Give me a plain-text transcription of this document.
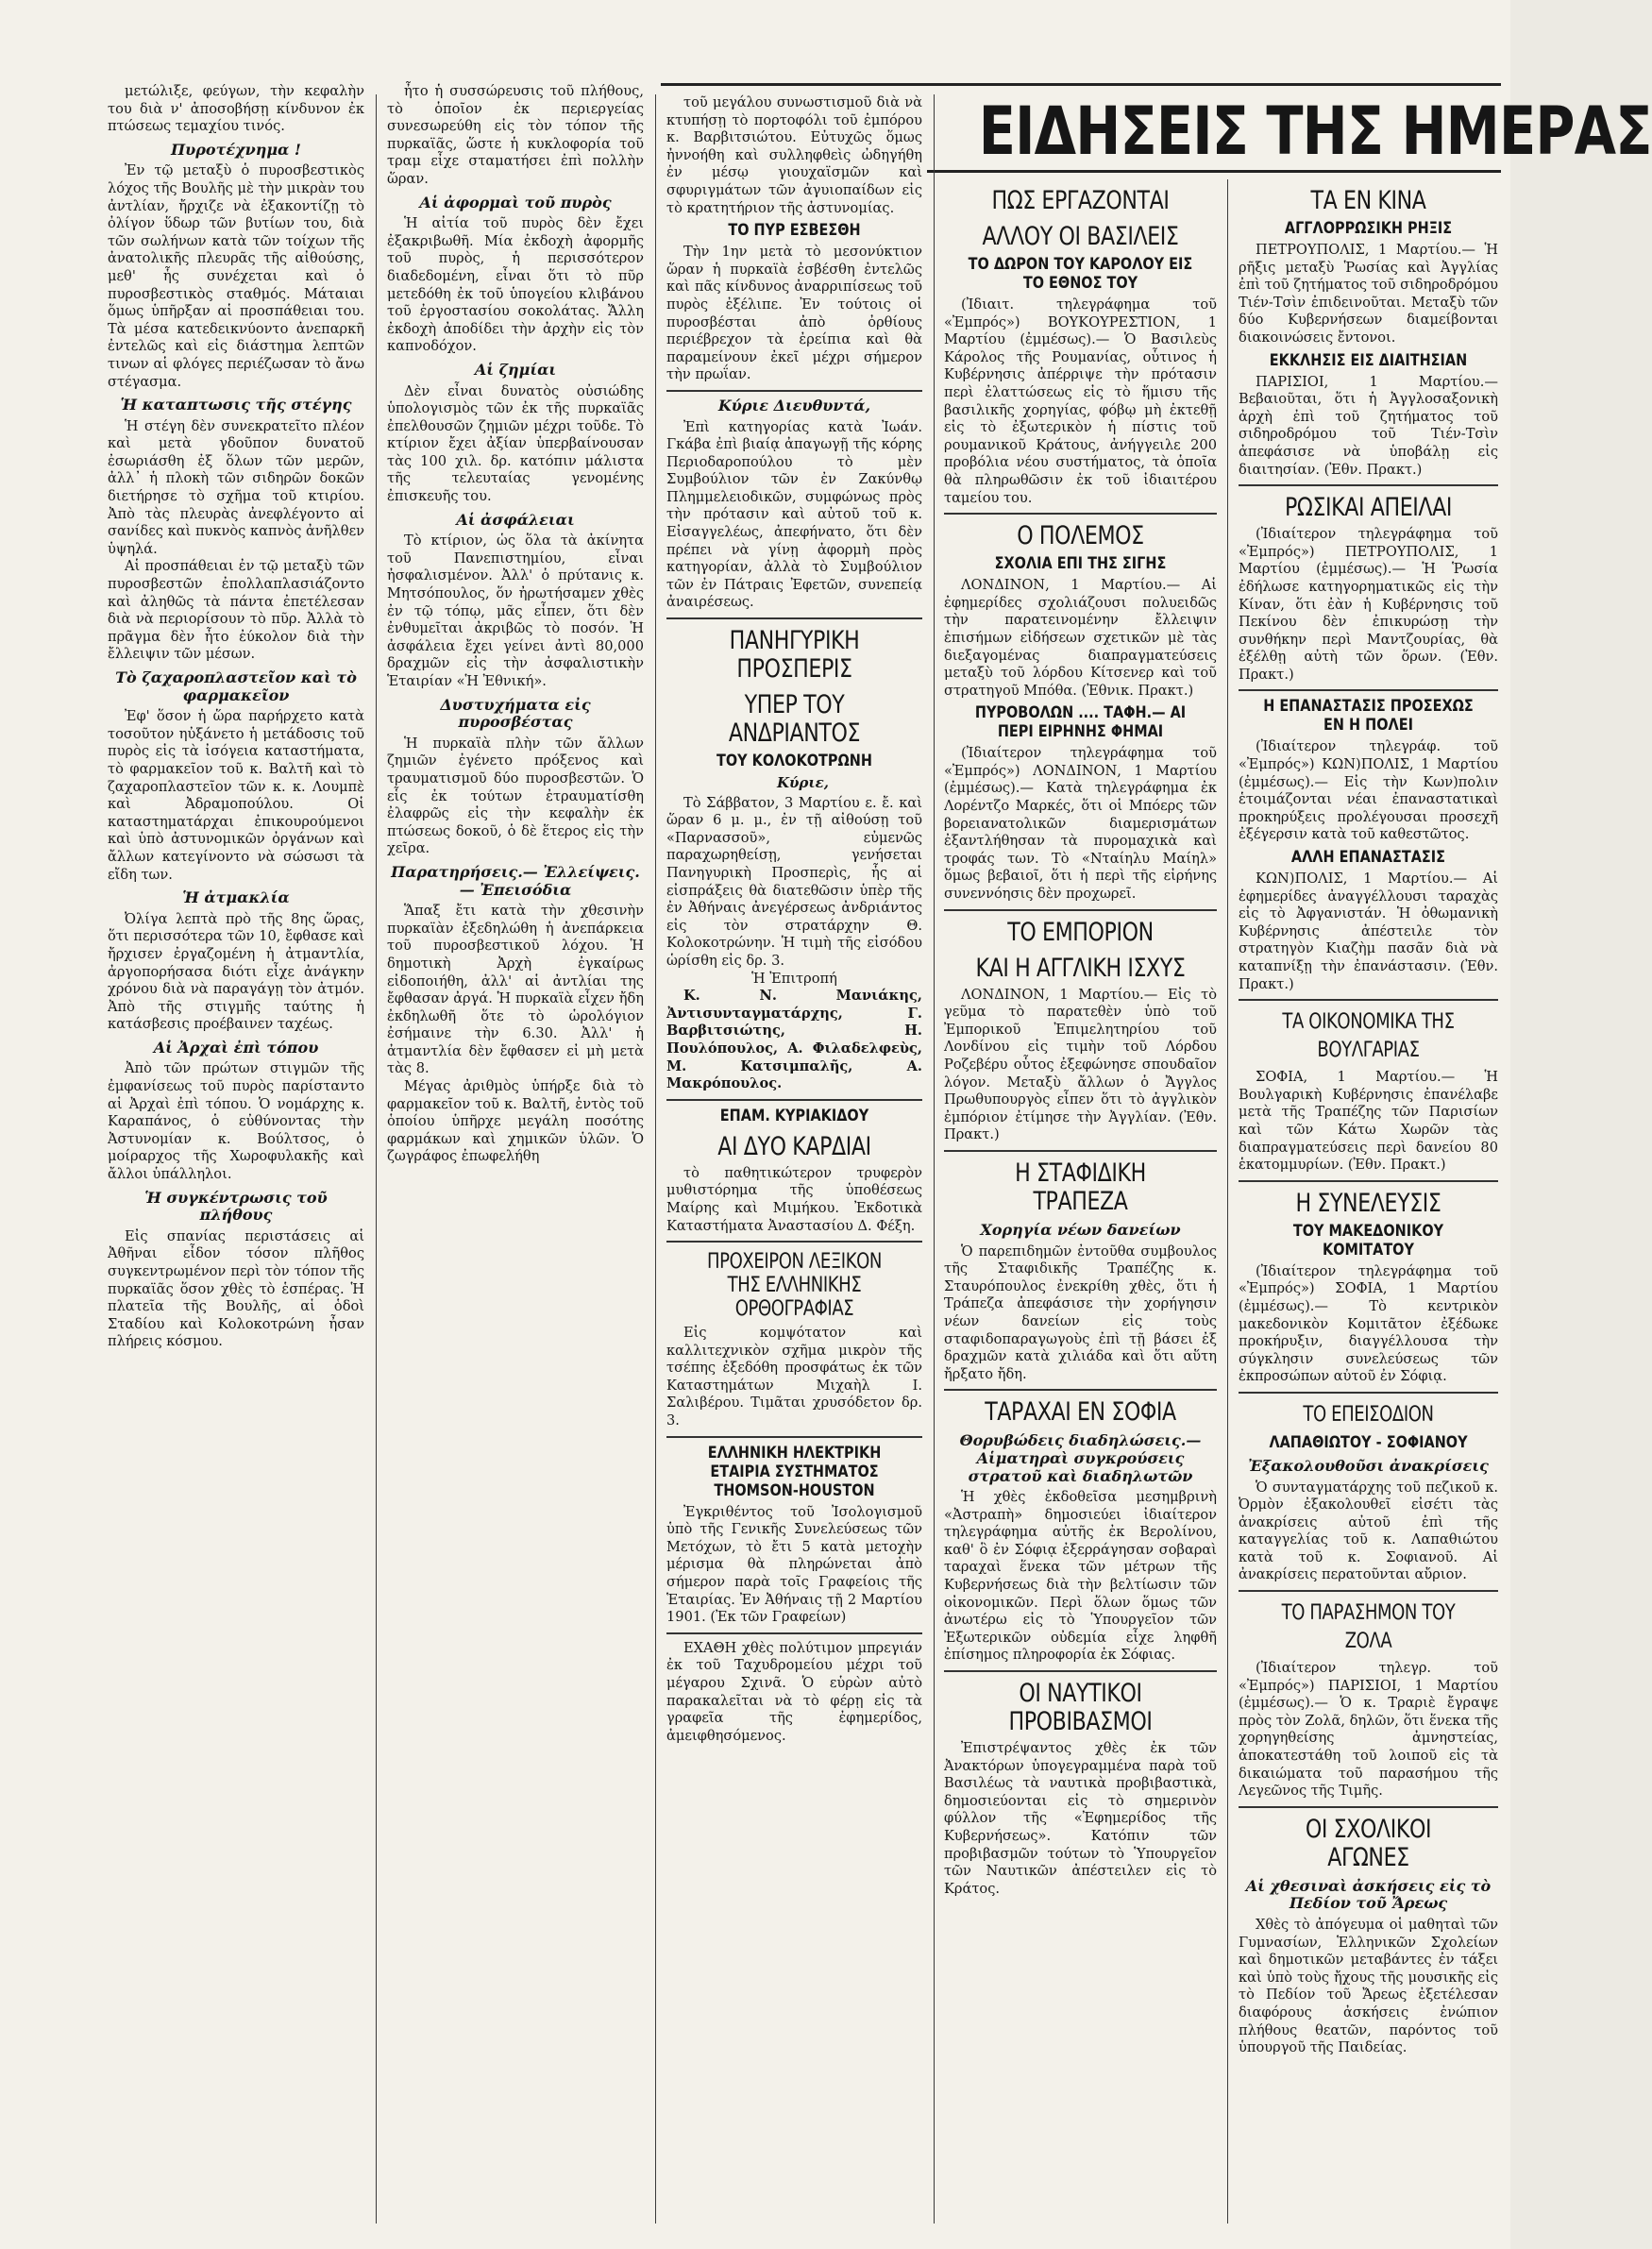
ΕΙΔΗΣΕΙΣ ΤΗΣ ΗΜΕΡΑΣ

μετώλιξε, φεύγων, τὴν κεφαλὴν του διὰ ν' ἀποσοβήσῃ κίνδυνον ἐκ πτώσεως τεμαχίου τινός.

Πυροτέχνημα !

Ἐν τῷ μεταξὺ ὁ πυροσβεστικὸς λόχος τῆς Βουλῆς μὲ τὴν μικρὰν του ἀντλίαν, ἤρχιζε νὰ ἐξακοντίζῃ τὸ ὀλίγον ὕδωρ τῶν βυτίων του, διὰ τῶν σωλήνων κατὰ τῶν τοίχων τῆς ἀνατολικῆς πλευρᾶς τῆς αἰθούσης, μεθ' ἧς συνέχεται καὶ ὁ πυροσβεστικὸς σταθμός. Μάταιαι ὅμως ὑπῆρξαν αἱ προσπάθειαι του. Τὰ μέσα κατεδεικνύοντο ἀνεπαρκῆ ἐντελῶς καὶ εἰς διάστημα λεπτῶν τινων αἱ φλόγες περιέζωσαν τὸ ἄνω στέγασμα.

Ἡ καταπτωσις τῆς στέγης

Ἡ στέγη δὲν συνεκρατεῖτο πλέον καὶ μετὰ γδοῦπον δυνατοῦ ἐσωριάσθη ἐξ ὅλων τῶν μερῶν, ἀλλ᾽ ἡ πλοκὴ τῶν σιδηρῶν δοκῶν διετήρησε τὸ σχῆμα τοῦ κτιρίου. Ἀπὸ τὰς πλευρὰς ἀνεφλέγοντο αἱ σανίδες καὶ πυκνὸς καπνὸς ἀνῆλθεν ὑψηλά.

Αἱ προσπάθειαι ἐν τῷ μεταξὺ τῶν πυροσβεστῶν ἐπολλαπλασιάζοντο καὶ ἀληθῶς τὰ πάντα ἐπετέλεσαν διὰ νὰ περιορίσουν τὸ πῦρ. Ἀλλὰ τὸ πρᾶγμα δὲν ἦτο ἐύκολον διὰ τὴν ἔλλειψιν τῶν μέσων.

Τὸ ζαχαροπλαστεῖον καὶ τὸ φαρμακεῖον

Ἐφ' ὅσον ἡ ὥρα παρήρχετο κατὰ τοσοῦτον ηὐξάνετο ἡ μετάδοσις τοῦ πυρὸς εἰς τὰ ἰσόγεια καταστήματα, τὸ φαρμακεῖον τοῦ κ. Βαλτῆ καὶ τὸ ζαχαροπλαστεῖον τῶν κ. κ. Λουμπὲ καὶ Ἀδραμοπούλου. Οἱ καταστηματάρχαι ἐπικουρούμενοι καὶ ὑπὸ ἀστυνομικῶν ὀργάνων καὶ ἄλλων κατεγίνοντο νὰ σώσωσι τὰ εἴδη των.

Ἡ ἀτμακλία

Ὀλίγα λεπτὰ πρὸ τῆς 8ης ὥρας, ὅτι περισσότερα τῶν 10, ἔφθασε καὶ ἤρχισεν ἐργαζομένη ἡ ἀτμαντλία, ἀργοπορήσασα διότι εἶχε ἀνάγκην χρόνου διὰ νὰ παραγάγῃ τὸν ἀτμόν. Ἀπὸ τῆς στιγμῆς ταύτης ἡ κατάσβεσις προέβαινεν ταχέως.

Αἱ Ἀρχαὶ ἐπὶ τόπου

Ἀπὸ τῶν πρώτων στιγμῶν τῆς ἐμφανίσεως τοῦ πυρὸς παρίσταντο αἱ Ἀρχαὶ ἐπὶ τόπου. Ὁ νομάρχης κ. Καραπάνος, ὁ εὐθύνοντας τὴν Ἀστυνομίαν κ. Βούλτσος, ὁ μοίραρχος τῆς Χωροφυλακῆς καὶ ἄλλοι ὑπάλληλοι.

Ἡ συγκέντρωσις τοῦ πλήθους

Εἰς σπανίας περιστάσεις αἱ Ἀθῆναι εἶδον τόσον πλῆθος συγκεντρωμένον περὶ τὸν τόπον τῆς πυρκαϊᾶς ὅσον χθὲς τὸ ἑσπέρας. Ἡ πλατεῖα τῆς Βουλῆς, αἱ ὁδοὶ Σταδίου καὶ Κολοκοτρώνη ἦσαν πλήρεις κόσμου.

ἦτο ἡ συσσώρευσις τοῦ πλήθους, τὸ ὁποῖον ἐκ περιεργείας συνεσωρεύθη εἰς τὸν τόπον τῆς πυρκαϊᾶς, ὥστε ἡ κυκλοφορία τοῦ τραμ εἶχε σταματήσει ἐπὶ πολλὴν ὥραν.

Αἱ ἀφορμαὶ τοῦ πυρὸς

Ἡ αἰτία τοῦ πυρὸς δὲν ἔχει ἐξακριβωθῆ. Μία ἐκδοχὴ ἀφορμῆς τοῦ πυρὸς, ἡ περισσότερον διαδεδομένη, εἶναι ὅτι τὸ πῦρ μετεδόθη ἐκ τοῦ ὑπογείου κλιβάνου τοῦ ἐργοστασίου σοκολάτας. Ἄλλη ἐκδοχὴ ἀποδίδει τὴν ἀρχὴν εἰς τὸν καπνοδόχον.

Αἱ ζημίαι

Δὲν εἶναι δυνατὸς οὐσιώδης ὑπολογισμὸς τῶν ἐκ τῆς πυρκαϊᾶς ἐπελθουσῶν ζημιῶν μέχρι τοῦδε. Τὸ κτίριον ἔχει ἀξίαν ὑπερβαίνουσαν τὰς 100 χιλ. δρ. κατόπιν μάλιστα τῆς τελευταίας γενομένης ἐπισκευῆς του.

Αἱ ἀσφάλειαι

Τὸ κτίριον, ὡς ὅλα τὰ ἀκίνητα τοῦ Πανεπιστημίου, εἶναι ἠσφαλισμένον. Ἀλλ' ὁ πρύτανις κ. Μητσόπουλος, ὅν ἠρωτήσαμεν χθὲς ἐν τῷ τόπῳ, μᾶς εἶπεν, ὅτι δὲν ἐνθυμεῖται ἀκριβῶς τὸ ποσόν. Ἡ ἀσφάλεια ἔχει γείνει ἀντὶ 80,000 δραχμῶν εἰς τὴν ἀσφαλιστικὴν Ἑταιρίαν «Ἡ Ἐθνική».

Δυστυχήματα εἰς πυροσβέστας

Ἡ πυρκαϊὰ πλὴν τῶν ἄλλων ζημιῶν ἐγένετο πρόξενος καὶ τραυματισμοῦ δύο πυροσβεστῶν. Ὁ εἷς ἐκ τούτων ἐτραυματίσθη ἐλαφρῶς εἰς τὴν κεφαλὴν ἐκ πτώσεως δοκοῦ, ὁ δὲ ἕτερος εἰς τὴν χεῖρα.

Παρατηρήσεις.— Ἐλλείψεις.— Ἐπεισόδια

Ἅπαξ ἔτι κατὰ τὴν χθεσινὴν πυρκαϊὰν ἐξεδηλώθη ἡ ἀνεπάρκεια τοῦ πυροσβεστικοῦ λόχου. Ἡ δημοτικὴ Ἀρχὴ ἐγκαίρως εἰδοποιήθη, ἀλλ' αἱ ἀντλίαι της ἔφθασαν ἀργά. Ἡ πυρκαϊὰ εἶχεν ἤδη ἐκδηλωθῆ ὅτε τὸ ὡρολόγιον ἐσήμαινε τὴν 6.30. Ἀλλ' ἡ ἀτμαντλία δὲν ἔφθασεν εἰ μὴ μετὰ τὰς 8.

Μέγας ἀριθμὸς ὑπήρξε διὰ τὸ φαρμακεῖον τοῦ κ. Βαλτῆ, ἐντὸς τοῦ ὁποίου ὑπῆρχε μεγάλη ποσότης φαρμάκων καὶ χημικῶν ὑλῶν. Ὁ ζωγράφος ἐπωφελήθη

τοῦ μεγάλου συνωστισμοῦ διὰ νὰ κτυπήσῃ τὸ πορτοφόλι τοῦ ἐμπόρου κ. Βαρβιτσιώτου. Εὐτυχῶς ὅμως ἠννοήθη καὶ συλληφθεὶς ὠδηγήθη ἐν μέσῳ γιουχαϊσμῶν καὶ σφυριγμάτων τῶν ἀγυιοπαίδων εἰς τὸ κρατητήριον τῆς ἀστυνομίας.

ΤΟ ΠΥΡ ΕΣΒΕΣΘΗ

Τὴν 1ην μετὰ τὸ μεσονύκτιον ὥραν ἡ πυρκαϊὰ ἐσβέσθη ἐντελῶς καὶ πᾶς κίνδυνος ἀναρριπίσεως τοῦ πυρὸς ἐξέλιπε. Ἐν τούτοις οἱ πυροσβέσται ἀπὸ ὀρθίους περιέβρεχον τὰ ἐρείπια καὶ θὰ παραμείνουν ἐκεῖ μέχρι σήμερον τὴν πρωΐαν.

Κύριε Διευθυντά,

Ἐπὶ κατηγορίας κατὰ Ἰωάν. Γκάβα ἐπὶ βιαίᾳ ἀπαγωγῇ τῆς κόρης Περιοδαροπούλου τὸ μὲν Συμβούλιον τῶν ἐν Ζακύνθῳ Πλημμελειοδικῶν, συμφώνως πρὸς τὴν πρότασιν καὶ αὐτοῦ τοῦ κ. Εἰσαγγελέως, ἀπεφήνατο, ὅτι δὲν πρέπει νὰ γίνῃ ἀφορμὴ πρὸς κατηγορίαν, ἀλλὰ τὸ Συμβούλιον τῶν ἐν Πάτραις Ἐφετῶν, συνεπείᾳ ἀναιρέσεως.

ΠΑΝΗΓΥΡΙΚΗ ΠΡΟΣΠΕΡΙΣ
ΥΠΕΡ ΤΟΥ ΑΝΔΡΙΑΝΤΟΣ
ΤΟΥ ΚΟΛΟΚΟΤΡΩΝΗ

Κύριε,

Τὸ Σάββατον, 3 Μαρτίου ε. ἔ. καὶ ὥραν 6 μ. μ., ἐν τῇ αἰθούσῃ τοῦ «Παρνασσοῦ», εὐμενῶς παραχωρηθείσῃ, γενήσεται Πανηγυρικὴ Προσπερὶς, ἧς αἱ εἰσπράξεις θὰ διατεθῶσιν ὑπὲρ τῆς ἐν Ἀθήναις ἀνεγέρσεως ἀνδριάντος εἰς τὸν στρατάρχην Θ. Κολοκοτρώνην. Ἡ τιμὴ τῆς εἰσόδου ὡρίσθη εἰς δρ. 3.

Ἡ Ἐπιτροπή

Κ. Ν. Μανιάκης, Ἀντισυνταγματάρχης, Γ. Βαρβιτσιώτης, Η. Πουλόπουλος, Α. Φιλαδελφεὺς, Μ. Κατσιμπαλῆς, Α. Μακρόπουλος.

ΕΠΑΜ. ΚΥΡΙΑΚΙΔΟΥ
ΑΙ ΔΥΟ ΚΑΡΔΙΑΙ

τὸ παθητικώτερον τρυφερὸν μυθιστόρημα τῆς ὑποθέσεως Μαίρης καὶ Μιμήκου. Ἐκδοτικὰ Καταστήματα Ἀναστασίου Δ. Φέξη.

ΠΡΟΧΕΙΡΟΝ ΛΕΞΙΚΟΝ ΤΗΣ ΕΛΛΗΝΙΚΗΣ ΟΡΘΟΓΡΑΦΙΑΣ

Εἰς κομψότατον καὶ καλλιτεχνικὸν σχῆμα μικρὸν τῆς τσέπης ἐξεδόθη προσφάτως ἐκ τῶν Καταστημάτων Μιχαὴλ Ι. Σαλιβέρου. Τιμᾶται χρυσόδετον δρ. 3.

ΕΛΛΗΝΙΚΗ ΗΛΕΚΤΡΙΚΗ ΕΤΑΙΡΙΑ ΣΥΣΤΗΜΑΤΟΣ THOMSON-HOUSTON

Ἐγκριθέντος τοῦ Ἰσολογισμοῦ ὑπὸ τῆς Γενικῆς Συνελεύσεως τῶν Μετόχων, τὸ ἔτι 5 κατὰ μετοχὴν μέρισμα θὰ πληρώνεται ἀπὸ σήμερον παρὰ τοῖς Γραφείοις τῆς Ἑταιρίας. Ἐν Ἀθήναις τῇ 2 Μαρτίου 1901. (Ἐκ τῶν Γραφείων)

ΕΧΑΘΗ χθὲς πολύτιμον μπρεγιάν ἐκ τοῦ Ταχυδρομείου μέχρι τοῦ μέγαρου Σχινᾶ. Ὁ εὑρὼν αὐτὸ παρακαλεῖται νὰ τὸ φέρῃ εἰς τὰ γραφεῖα τῆς ἐφημερίδος, ἀμειφθησόμενος.

ΠΩΣ ΕΡΓΑΖΟΝΤΑΙ
ΑΛΛΟΥ ΟΙ ΒΑΣΙΛΕΙΣ
ΤΟ ΔΩΡΟΝ ΤΟΥ ΚΑΡΟΛΟΥ ΕΙΣ ΤΟ ΕΘΝΟΣ ΤΟΥ

(Ἰδιαιτ. τηλεγράφημα τοῦ «Ἐμπρός») ΒΟΥΚΟΥΡΕΣΤΙΟΝ, 1 Μαρτίου (ἐμμέσως).— Ὁ Βασιλεὺς Κάρολος τῆς Ρουμανίας, οὗτινος ἡ Κυβέρνησις ἀπέρριψε τὴν πρότασιν περὶ ἐλαττώσεως εἰς τὸ ἥμισυ τῆς βασιλικῆς χορηγίας, φόβῳ μὴ ἐκτεθῇ εἰς τὸ ἐξωτερικὸν ἡ πίστις τοῦ ρουμανικοῦ Κράτους, ἀνήγγειλε 200 προβόλια νέου συστήματος, τὰ ὁποῖα θὰ πληρωθῶσιν ἐκ τοῦ ἰδιαιτέρου ταμείου του.

Ο ΠΟΛΕΜΟΣ
ΣΧΟΛΙΑ ΕΠΙ ΤΗΣ ΣΙΓΗΣ

ΛΟΝΔΙΝΟΝ, 1 Μαρτίου.— Αἱ ἐφημερίδες σχολιάζουσι πολυειδῶς τὴν παρατεινομένην ἔλλειψιν ἐπισήμων εἰδήσεων σχετικῶν μὲ τὰς διεξαγομένας διαπραγματεύσεις μεταξὺ τοῦ λόρδου Κίτσενερ καὶ τοῦ στρατηγοῦ Μπόθα. (Ἐθνικ. Πρακτ.)

ΠΥΡΟΒΟΛΩΝ .... ΤΑΦΗ.— ΑΙ ΠΕΡΙ ΕΙΡΗΝΗΣ ΦΗΜΑΙ

(Ἰδιαίτερον τηλεγράφημα τοῦ «Ἐμπρός») ΛΟΝΔΙΝΟΝ, 1 Μαρτίου (ἐμμέσως).— Κατὰ τηλεγράφημα ἐκ Λορέντζο Μαρκές, ὅτι οἱ Μπόερς τῶν βορειανατολικῶν διαμερισμάτων ἐξαντλήθησαν τὰ πυρομαχικὰ καὶ τροφάς των. Τὸ «Νταίηλυ Μαίηλ» ὅμως βεβαιοῖ, ὅτι ἡ περὶ τῆς εἰρήνης συνεννόησις δὲν προχωρεῖ.

ΤΟ ΕΜΠΟΡΙΟΝ
ΚΑΙ Η ΑΓΓΛΙΚΗ ΙΣΧΥΣ

ΛΟΝΔΙΝΟΝ, 1 Μαρτίου.— Εἰς τὸ γεῦμα τὸ παρατεθὲν ὑπὸ τοῦ Ἐμπορικοῦ Ἐπιμελητηρίου τοῦ Λονδίνου εἰς τιμὴν τοῦ Λόρδου Ροζεβέρυ οὗτος ἐξεφώνησε σπουδαῖον λόγον. Μεταξὺ ἄλλων ὁ Ἄγγλος Πρωθυπουργὸς εἶπεν ὅτι τὸ ἀγγλικὸν ἐμπόριον ἐτίμησε τὴν Ἀγγλίαν. (Ἐθν. Πρακτ.)

Η ΣΤΑΦΙΔΙΚΗ ΤΡΑΠΕΖΑ
Χορηγία νέων δανείων

Ὁ παρεπιδημῶν ἐντοῦθα συμβουλος τῆς Σταφιδικῆς Τραπέζης κ. Σταυρόπουλος ἐνεκρίθη χθὲς, ὅτι ἡ Τράπεζα ἀπεφάσισε τὴν χορήγησιν νέων δανείων εἰς τοὺς σταφιδοπαραγωγοὺς ἐπὶ τῇ βάσει ἐξ δραχμῶν κατὰ χιλιάδα καὶ ὅτι αὕτη ἤρξατο ἤδη.

ΤΑΡΑΧΑΙ ΕΝ ΣΟΦΙΑ
Θορυβώδεις διαδηλώσεις.— Αἱματηραὶ συγκρούσεις στρατοῦ καὶ διαδηλωτῶν

Ἡ χθὲς ἐκδοθεῖσα μεσημβρινὴ «Ἀστραπὴ» δημοσιεύει ἰδιαίτερον τηλεγράφημα αὐτῆς ἐκ Βερολίνου, καθ' ὃ ἐν Σόφιᾳ ἐξερράγησαν σοβαραὶ ταραχαὶ ἕνεκα τῶν μέτρων τῆς Κυβερνήσεως διὰ τὴν βελτίωσιν τῶν οἰκονομικῶν. Περὶ ὅλων ὅμως τῶν ἀνωτέρω εἰς τὸ Ὑπουργεῖον τῶν Ἐξωτερικῶν οὐδεμία εἶχε ληφθῆ ἐπίσημος πληροφορία ἐκ Σόφιας.

ΟΙ ΝΑΥΤΙΚΟΙ ΠΡΟΒΙΒΑΣΜΟΙ

Ἐπιστρέψαντος χθὲς ἐκ τῶν Ἀνακτόρων ὑπογεγραμμένα παρὰ τοῦ Βασιλέως τὰ ναυτικὰ προβιβαστικὰ, δημοσιεύονται εἰς τὸ σημερινὸν φύλλον τῆς «Ἐφημερίδος τῆς Κυβερνήσεως». Κατόπιν τῶν προβιβασμῶν τούτων τὸ Ὑπουργεῖον τῶν Ναυτικῶν ἀπέστειλεν εἰς τὸ Κράτος.

ΤΑ ΕΝ ΚΙΝΑ
ΑΓΓΛΟΡΡΩΣΙΚΗ ΡΗΞΙΣ

ΠΕΤΡΟΥΠΟΛΙΣ, 1 Μαρτίου.— Ἡ ρῆξις μεταξὺ Ῥωσίας καὶ Ἀγγλίας ἐπὶ τοῦ ζητήματος τοῦ σιδηροδρόμου Τιέν-Τσὶν ἐπιδεινοῦται. Μεταξὺ τῶν δύο Κυβερνήσεων διαμείβονται διακοινώσεις ἔντονοι.

ΕΚΚΛΗΣΙΣ ΕΙΣ ΔΙΑΙΤΗΣΙΑΝ

ΠΑΡΙΣΙΟΙ, 1 Μαρτίου.— Βεβαιοῦται, ὅτι ἡ Ἀγγλοσαξονικὴ ἀρχὴ ἐπὶ τοῦ ζητήματος τοῦ σιδηροδρόμου τοῦ Τιέν-Τσὶν ἀπεφάσισε νὰ ὑποβάλῃ εἰς διαιτησίαν. (Ἐθν. Πρακτ.)

ΡΩΣΙΚΑΙ ΑΠΕΙΛΑΙ

(Ἰδιαίτερον τηλεγράφημα τοῦ «Ἐμπρός») ΠΕΤΡΟΥΠΟΛΙΣ, 1 Μαρτίου (ἐμμέσως).— Ἡ Ῥωσία ἐδήλωσε κατηγορηματικῶς εἰς τὴν Κίναν, ὅτι ἐὰν ἡ Κυβέρνησις τοῦ Πεκίνου δὲν ἐπικυρώσῃ τὴν συνθήκην περὶ Μαντζουρίας, θὰ ἐξέλθῃ αὐτὴ τῶν ὅρων. (Ἐθν. Πρακτ.)

Η ΕΠΑΝΑΣΤΑΣΙΣ ΠΡΟΣΕΧΩΣ ΕΝ Η ΠΟΛΕΙ

(Ἰδιαίτερον τηλεγράφ. τοῦ «Ἐμπρός») ΚΩΝ)ΠΟΛΙΣ, 1 Μαρτίου (ἐμμέσως).— Εἰς τὴν Κων)πολιν ἑτοιμάζονται νέαι ἐπαναστατικαὶ προκηρύξεις προλέγουσαι προσεχῆ ἐξέγερσιν κατὰ τοῦ καθεστῶτος.

ΑΛΛΗ ΕΠΑΝΑΣΤΑΣΙΣ

ΚΩΝ)ΠΟΛΙΣ, 1 Μαρτίου.— Αἱ ἐφημερίδες ἀναγγέλλουσι ταραχὰς εἰς τὸ Ἀφγανιστάν. Ἡ ὀθωμανικὴ Κυβέρνησις ἀπέστειλε τὸν στρατηγὸν Κιαζὴμ πασᾶν διὰ νὰ καταπνίξῃ τὴν ἐπανάστασιν. (Ἐθν. Πρακτ.)

ΤΑ ΟΙΚΟΝΟΜΙΚΑ ΤΗΣ ΒΟΥΛΓΑΡΙΑΣ

ΣΟΦΙΑ, 1 Μαρτίου.— Ἡ Βουλγαρικὴ Κυβέρνησις ἐπανέλαβε μετὰ τῆς Τραπέζης τῶν Παρισίων καὶ τῶν Κάτω Χωρῶν τὰς διαπραγματεύσεις περὶ δανείου 80 ἑκατομμυρίων. (Ἐθν. Πρακτ.)

Η ΣΥΝΕΛΕΥΣΙΣ
ΤΟΥ ΜΑΚΕΔΟΝΙΚΟΥ ΚΟΜΙΤΑΤΟΥ

(Ἰδιαίτερον τηλεγράφημα τοῦ «Ἐμπρός») ΣΟΦΙΑ, 1 Μαρτίου (ἐμμέσως).— Τὸ κεντρικὸν μακεδονικὸν Κομιτᾶτον ἐξέδωκε προκήρυξιν, διαγγέλλουσα τὴν σύγκλησιν συνελεύσεως τῶν ἐκπροσώπων αὐτοῦ ἐν Σόφιᾳ.

ΤΟ ΕΠΕΙΣΟΔΙΟΝ
ΛΑΠΑΘΙΩΤΟΥ - ΣΟΦΙΑΝΟΥ
Ἐξακολουθοῦσι ἀνακρίσεις

Ὁ συνταγματάρχης τοῦ πεζικοῦ κ. Ὀρμὸν ἐξακολουθεῖ εἰσέτι τὰς ἀνακρίσεις αὐτοῦ ἐπὶ τῆς καταγγελίας τοῦ κ. Λαπαθιώτου κατὰ τοῦ κ. Σοφιανοῦ. Αἱ ἀνακρίσεις περατοῦνται αὔριον.

ΤΟ ΠΑΡΑΣΗΜΟΝ ΤΟΥ ΖΟΛΑ

(Ἰδιαίτερον τηλεγρ. τοῦ «Ἐμπρός») ΠΑΡΙΣΙΟΙ, 1 Μαρτίου (ἐμμέσως).— Ὁ κ. Τραριὲ ἔγραψε πρὸς τὸν Ζολᾶ, δηλῶν, ὅτι ἕνεκα τῆς χορηγηθείσης ἀμνηστείας, ἀποκατεστάθη τοῦ λοιποῦ εἰς τὰ δικαιώματα τοῦ παρασήμου τῆς Λεγεῶνος τῆς Τιμῆς.

ΟΙ ΣΧΟΛΙΚΟΙ ΑΓΩΝΕΣ
Αἱ χθεσιναὶ ἀσκήσεις εἰς τὸ Πεδίον τοῦ Ἄρεως

Χθὲς τὸ ἀπόγευμα οἱ μαθηταὶ τῶν Γυμνασίων, Ἑλληνικῶν Σχολείων καὶ δημοτικῶν μεταβάντες ἐν τάξει καὶ ὑπὸ τοὺς ἤχους τῆς μουσικῆς εἰς τὸ Πεδίον τοῦ Ἄρεως ἐξετέλεσαν διαφόρους ἀσκήσεις ἐνώπιον πλήθους θεατῶν, παρόντος τοῦ ὑπουργοῦ τῆς Παιδείας.
